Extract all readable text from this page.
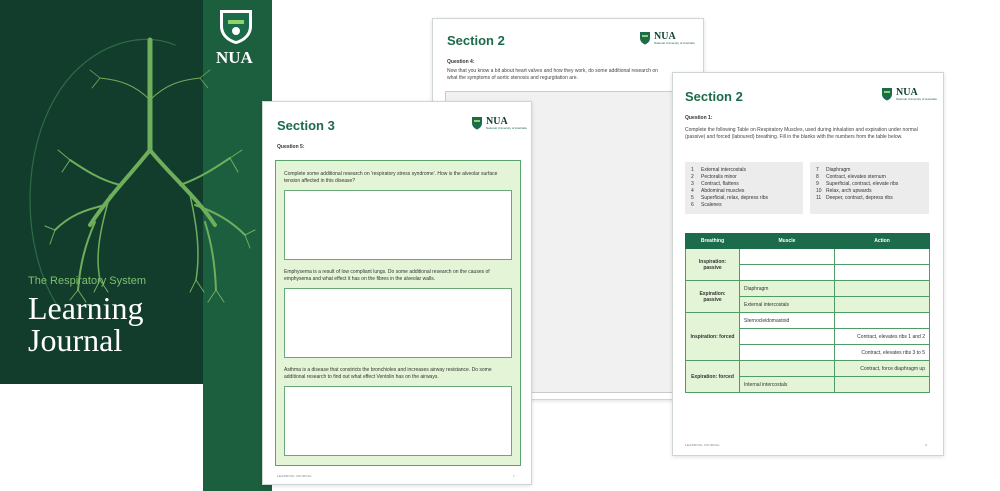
Section 2	NUA
National University of Australia
Question 4:
Now that you know a bit about heart valves and how they work, do some additional research on what the symptoms of aortic stenosis and regurgitation are.
NUA
The Respiratory System
Learning
Journal
Section 3	NUA
National University of Australia
Question 5:
Complete some additional research on 'respiratory stress syndrome'. How is the alveolar surface tension affected in this disease?
Emphysema is a result of low compliant lungs. Do some additional research on the causes of emphysema and what effect it has on the fibres in the alveolar walls.
Asthma is a disease that constricts the bronchioles and increases airway resistance. Do some additional research to find out what effect Ventolin has on the airways.
LEARNING JOURNAL	7
Section 2	NUA
National University of Australia
Question 1:
Complete the following Table on Respiratory Muscles, used during inhalation and expiration under normal (passive) and forced (laboured) breathing. Fill in the blanks with the numbers from the table below.
1 External intercostals
2 Pectoralis minor
3 Contract, flattens
4 Abdominal muscles
5 Superficial, relax, depress ribs
6 Scalenes
7 Diaphragm
8 Contract, elevates sternum
9 Superficial, contract, elevate ribs
10 Relax, arch upwards
11 Deeper, contract, depress ribs
Breathing	Muscle	Action
Inspiration: passive		

Expiration: passive	Diaphragm	
	External intercostals	
Inspiration: forced	Sternocleidomastoid	
		Contract, elevates ribs 1 and 2
		Contract, elevates ribs 3 to 5
Expiration: forced		Contract, force diaphragm up
	Internal intercostals	
LEARNING JOURNAL	4
